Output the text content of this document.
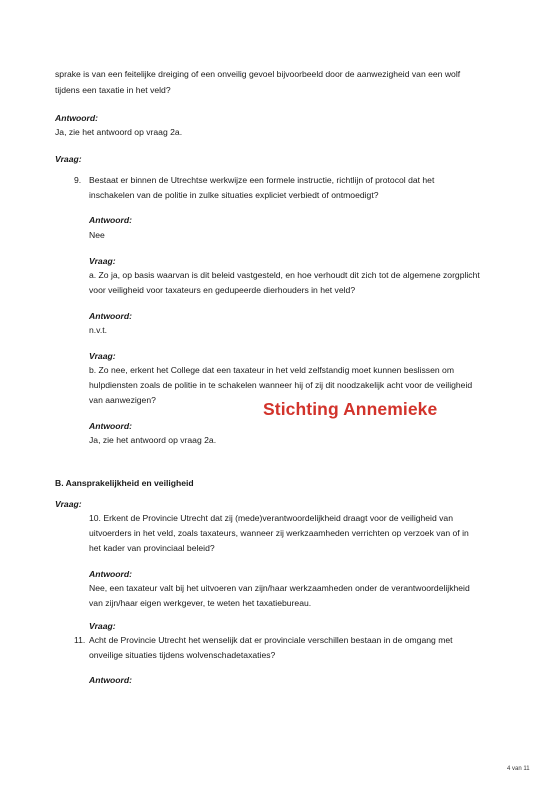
sprake is van een feitelijke dreiging of een onveilig gevoel bijvoorbeeld door de aanwezigheid van een wolf
tijdens een taxatie in het veld?
Antwoord:
Ja, zie het antwoord op vraag 2a.
Vraag:
9. Bestaat er binnen de Utrechtse werkwijze een formele instructie, richtlijn of protocol dat het
inschakelen van de politie in zulke situaties expliciet verbiedt of ontmoedigt?
Antwoord:
Nee
Vraag:
a. Zo ja, op basis waarvan is dit beleid vastgesteld, en hoe verhoudt dit zich tot de algemene zorgplicht
voor veiligheid voor taxateurs en gedupeerde dierhouders in het veld?
Antwoord:
n.v.t.
Vraag:
b. Zo nee, erkent het College dat een taxateur in het veld zelfstandig moet kunnen beslissen om
hulpdiensten zoals de politie in te schakelen wanneer hij of zij dit noodzakelijk acht voor de veiligheid
van aanwezigen?	Stichting Annemieke
Antwoord:
Ja, zie het antwoord op vraag 2a.
B. Aansprakelijkheid en veiligheid
Vraag:
10. Erkent de Provincie Utrecht dat zij (mede)verantwoordelijkheid draagt voor de veiligheid van
uitvoerders in het veld, zoals taxateurs, wanneer zij werkzaamheden verrichten op verzoek van of in
het kader van provinciaal beleid?
Antwoord:
Nee, een taxateur valt bij het uitvoeren van zijn/haar werkzaamheden onder de verantwoordelijkheid
van zijn/haar eigen werkgever, te weten het taxatiebureau.
Vraag:
11. Acht de Provincie Utrecht het wenselijk dat er provinciale verschillen bestaan in de omgang met
onveilige situaties tijdens wolvenschadetaxaties?
Antwoord:
4 van 11
